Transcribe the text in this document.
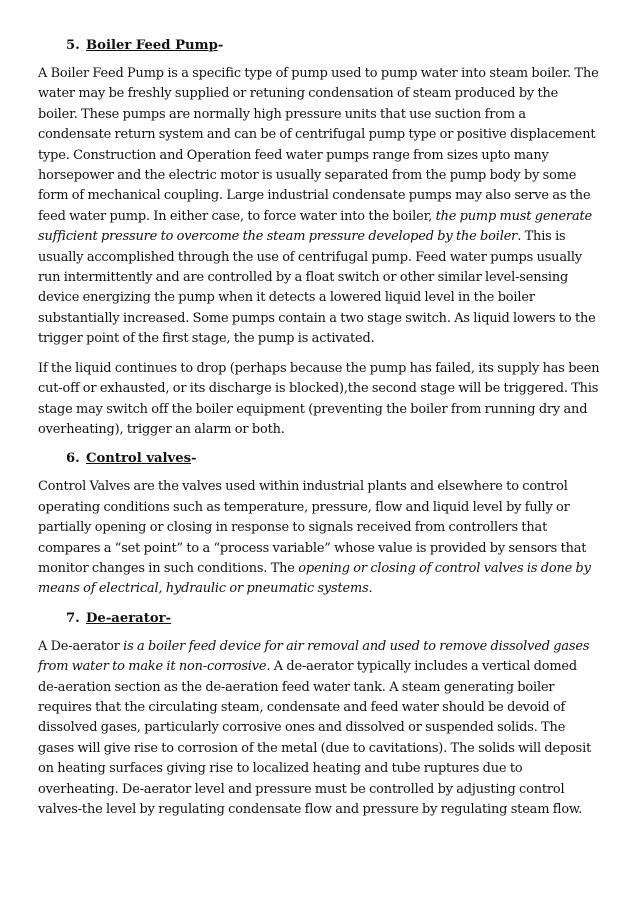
5. Boiler Feed Pump-

A Boiler Feed Pump is a specific type of pump used to pump water into steam boiler. The water may be freshly supplied or retuning condensation of steam produced by the boiler. These pumps are normally high pressure units that use suction from a condensate return system and can be of centrifugal pump type or positive displacement type. Construction and Operation feed water pumps range from sizes upto many horsepower and the electric motor is usually separated from the pump body by some form of mechanical coupling. Large industrial condensate pumps may also serve as the feed water pump. In either case, to force water into the boiler, the pump must generate sufficient pressure to overcome the steam pressure developed by the boiler. This is usually accomplished through the use of centrifugal pump. Feed water pumps usually run intermittently and are controlled by a float switch or other similar level-sensing device energizing the pump when it detects a lowered liquid level in the boiler substantially increased. Some pumps contain a two stage switch. As liquid lowers to the trigger point of the first stage, the pump is activated.

If the liquid continues to drop (perhaps because the pump has failed, its supply has been cut-off or exhausted, or its discharge is blocked),the second stage will be triggered. This stage may switch off the boiler equipment (preventing the boiler from running dry and overheating), trigger an alarm or both.

6. Control valves-

Control Valves are the valves used within industrial plants and elsewhere to control operating conditions such as temperature, pressure, flow and liquid level by fully or partially opening or closing in response to signals received from controllers that compares a “set point” to a “process variable” whose value is provided by sensors that monitor changes in such conditions. The opening or closing of control valves is done by means of electrical, hydraulic or pneumatic systems.

7. De-aerator-

A De-aerator is a boiler feed device for air removal and used to remove dissolved gases from water to make it non-corrosive. A de-aerator typically includes a vertical domed de-aeration section as the de-aeration feed water tank. A steam generating boiler requires that the circulating steam, condensate and feed water should be devoid of dissolved gases, particularly corrosive ones and dissolved or suspended solids. The gases will give rise to corrosion of the metal (due to cavitations). The solids will deposit on heating surfaces giving rise to localized heating and tube ruptures due to overheating. De-aerator level and pressure must be controlled by adjusting control valves-the level by regulating condensate flow and pressure by regulating steam flow.
